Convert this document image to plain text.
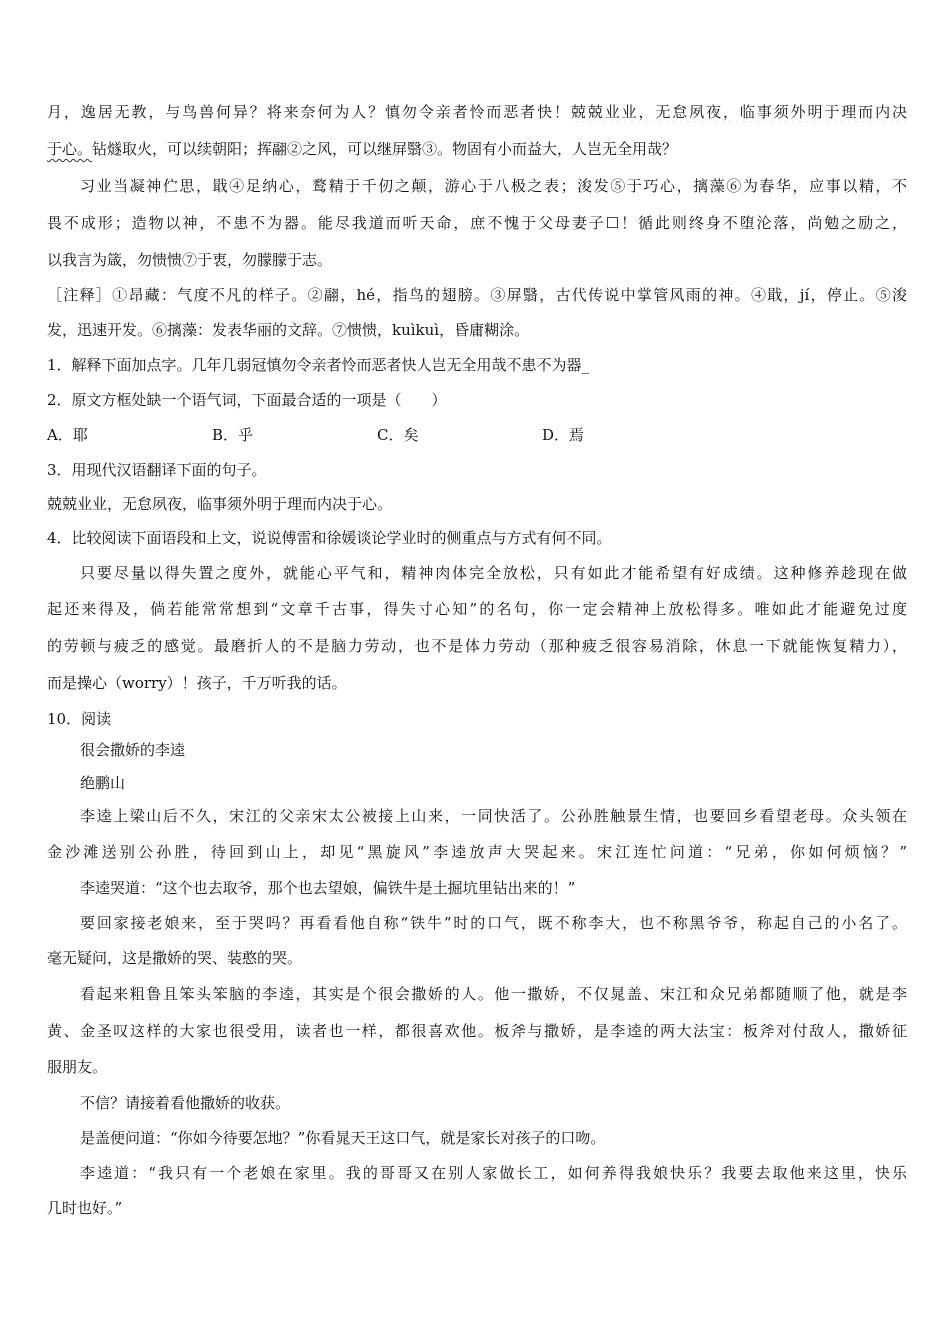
月，逸居无教，与鸟兽何异？将来奈何为人？慎勿令亲者怜而恶者快！兢兢业业，无怠夙夜，临事须外明于理而内决
于心。钻燧取火，可以续朝阳；挥翮②之风，可以继屏翳③。物固有小而益大，人岂无全用哉？
习业当凝神伫思，戢④足纳心，鹜精于千仞之颠，游心于八极之表；浚发⑤于巧心，摛藻⑥为春华，应事以精，不
畏不成形；造物以神，不患不为器。能尽我道而听天命，庶不愧于父母妻子☐！循此则终身不堕沦落，尚勉之励之，
以我言为箴，勿愦愦⑦于衷，勿朦朦于志。
［注释］①昂藏：气度不凡的样子。②翮，hé，指鸟的翅膀。③屏翳，古代传说中掌管风雨的神。④戢，jí，停止。⑤浚
发，迅速开发。⑥摛藻：发表华丽的文辞。⑦愦愦，kuìkuì，昏庸糊涂。
1．解释下面加点字。几年几弱冠慎勿令亲者怜而恶者快人岂无全用哉不患不为器_
2．原文方框处缺一个语气词，下面最合适的一项是（　　）
A．耶	B．乎	C．矣	D．焉
3．用现代汉语翻译下面的句子。
兢兢业业，无怠夙夜，临事须外明于理而内决于心。
4．比较阅读下面语段和上文，说说傅雷和徐媛谈论学业时的侧重点与方式有何不同。
只要尽量以得失置之度外，就能心平气和，精神肉体完全放松，只有如此才能希望有好成绩。这种修养趁现在做
起还来得及，倘若能常常想到“文章千古事，得失寸心知”的名句，你一定会精神上放松得多。唯如此才能避免过度
的劳顿与疲乏的感觉。最磨折人的不是脑力劳动，也不是体力劳动（那种疲乏很容易消除，休息一下就能恢复精力），
而是操心（worry）！孩子，千万听我的话。
10．阅读
很会撒娇的李逵
绝鹏山
李逵上梁山后不久，宋江的父亲宋太公被接上山来，一同快活了。公孙胜触景生情，也要回乡看望老母。众头领在
金沙滩送别公孙胜，待回到山上，却见“黑旋风”李逵放声大哭起来。宋江连忙问道：“兄弟，你如何烦恼？”
李逵哭道：“这个也去取爷，那个也去望娘，偏铁牛是土掘坑里钻出来的！”
要回家接老娘来，至于哭吗？再看看他自称“铁牛”时的口气，既不称李大，也不称黑爷爷，称起自己的小名了。
毫无疑问，这是撒娇的哭、装憨的哭。
看起来粗鲁且笨头笨脑的李逵，其实是个很会撒娇的人。他一撒娇，不仅晁盖、宋江和众兄弟都随顺了他，就是李
黄、金圣叹这样的大家也很受用，读者也一样，都很喜欢他。板斧与撒娇，是李逵的两大法宝：板斧对付敌人，撒娇征
服朋友。
不信？请接着看他撒娇的收获。
是盖便问道：“你如今待要怎地？”你看晁天王这口气，就是家长对孩子的口吻。
李逵道：“我只有一个老娘在家里。我的哥哥又在别人家做长工，如何养得我娘快乐？我要去取他来这里，快乐
几时也好。”
